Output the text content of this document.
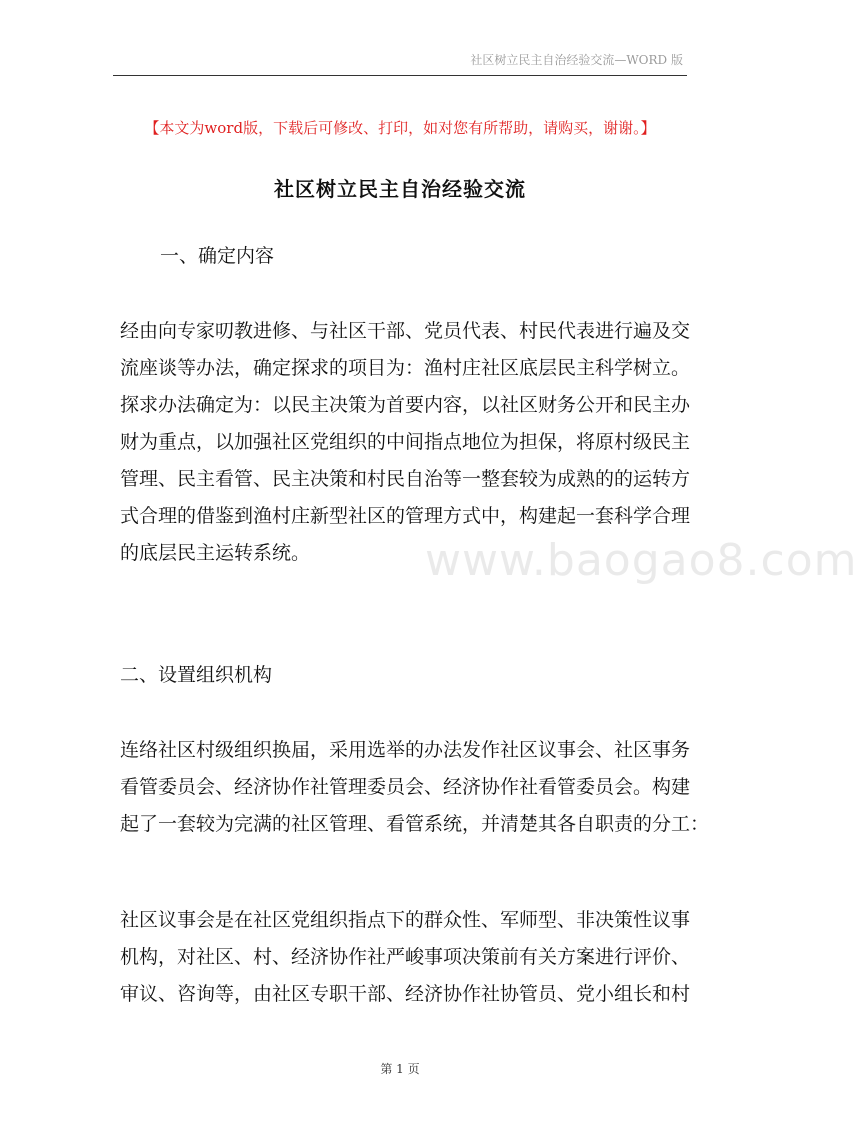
社区树立民主自治经验交流—WORD 版
【本文为word版，下载后可修改、打印，如对您有所帮助，请购买，谢谢。】
社区树立民主自治经验交流
一、确定内容
经由向专家叨教进修、与社区干部、党员代表、村民代表进行遍及交
流座谈等办法，确定探求的项目为：渔村庄社区底层民主科学树立。
探求办法确定为：以民主决策为首要内容，以社区财务公开和民主办
财为重点，以加强社区党组织的中间指点地位为担保，将原村级民主
管理、民主看管、民主决策和村民自治等一整套较为成熟的的运转方
式合理的借鉴到渔村庄新型社区的管理方式中，构建起一套科学合理
的底层民主运转系统。	www.baogao8.com
二、设置组织机构
连络社区村级组织换届，采用选举的办法发作社区议事会、社区事务
看管委员会、经济协作社管理委员会、经济协作社看管委员会。构建
起了一套较为完满的社区管理、看管系统，并清楚其各自职责的分工：
社区议事会是在社区党组织指点下的群众性、军师型、非决策性议事
机构，对社区、村、经济协作社严峻事项决策前有关方案进行评价、
审议、咨询等，由社区专职干部、经济协作社协管员、党小组长和村
第 1 页
